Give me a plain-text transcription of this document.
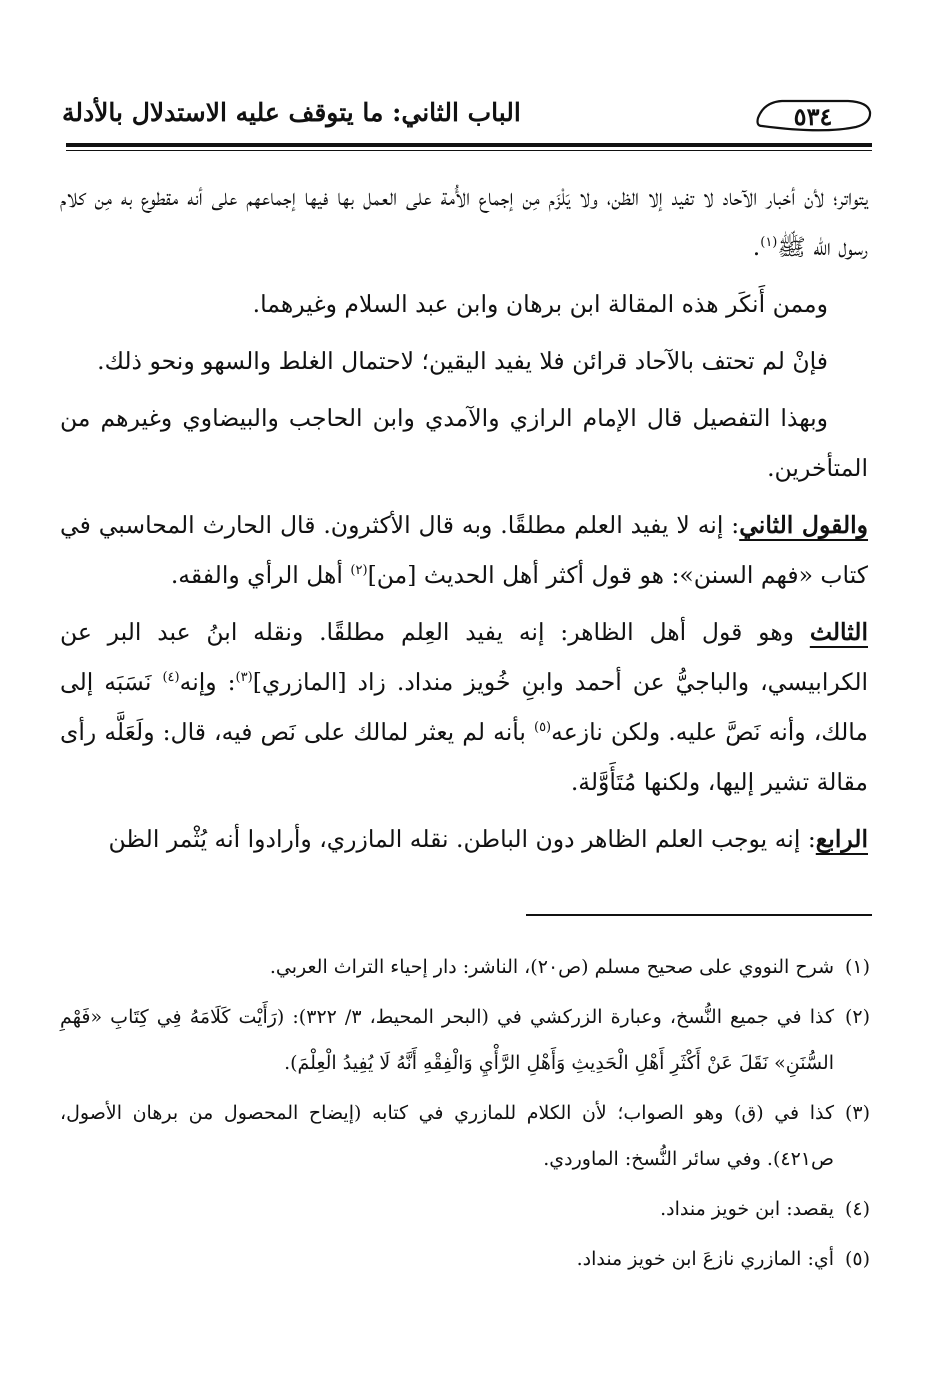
٥٣٤
الباب الثاني: ما يتوقف عليه الاستدلال بالأدلة

يتواتر؛ لأن أخبار الآحاد لا تفيد إلا الظن، ولا يَلْزَم مِن إجماع الأُمة على العمل بها فيها إجماعهم على أنه مقطوع به مِن كلام رسول الله ﷺ$^{(١)}$.

وممن أَنكَر هذه المقالة ابن برهان وابن عبد السلام وغيرهما.

فإنْ لم تحتف بالآحاد قرائن فلا يفيد اليقين؛ لاحتمال الغلط والسهو ونحو ذلك.

وبهذا التفصيل قال الإمام الرازي والآمدي وابن الحاجب والبيضاوي وغيرهم من المتأخرين.

والقول الثاني: إنه لا يفيد العلم مطلقًا. وبه قال الأكثرون. قال الحارث المحاسبي في كتاب «فهم السنن»: هو قول أكثر أهل الحديث [من]$^{(٢)}$ أهل الرأي والفقه.

الثالث وهو قول أهل الظاهر: إنه يفيد العِلم مطلقًا. ونقله ابنُ عبد البر عن الكرابيسي، والباجيُّ عن أحمد وابنِ خُويز منداد. زاد [المازري]$^{(٣)}$: وإنه$^{(٤)}$ نَسَبَه إلى مالك، وأنه نَصَّ عليه. ولكن نازعه$^{(٥)}$ بأنه لم يعثر لمالك على نَص فيه، قال: ولَعَلَّه رأى مقالة تشير إليها، ولكنها مُتَأَوَّلة.

الرابع: إنه يوجب العلم الظاهر دون الباطن. نقله المازري، وأرادوا أنه يُثْمر الظن

(١)
شرح النووي على صحيح مسلم (ص٢٠)، الناشر: دار إحياء التراث العربي.
(٢)
كذا في جميع النُّسخ، وعبارة الزركشي في (البحر المحيط، ٣/ ٣٢٢): (رَأَيْت كَلَامَهُ فِي كِتَابِ «فَهْمِ السُّنَنِ» نَقَلَ عَنْ أَكْثَرِ أَهْلِ الْحَدِيثِ وَأَهْلِ الرَّأْيِ وَالْفِقْهِ أَنَّهُ لَا يُفِيدُ الْعِلْمَ).
(٣)
كذا في (ق) وهو الصواب؛ لأن الكلام للمازري في كتابه (إيضاح المحصول من برهان الأصول، ص٤٢١). وفي سائر النُّسخ: الماوردي.
(٤)
يقصد: ابن خويز منداد.
(٥)
أي: المازري نازعَ ابن خويز منداد.
